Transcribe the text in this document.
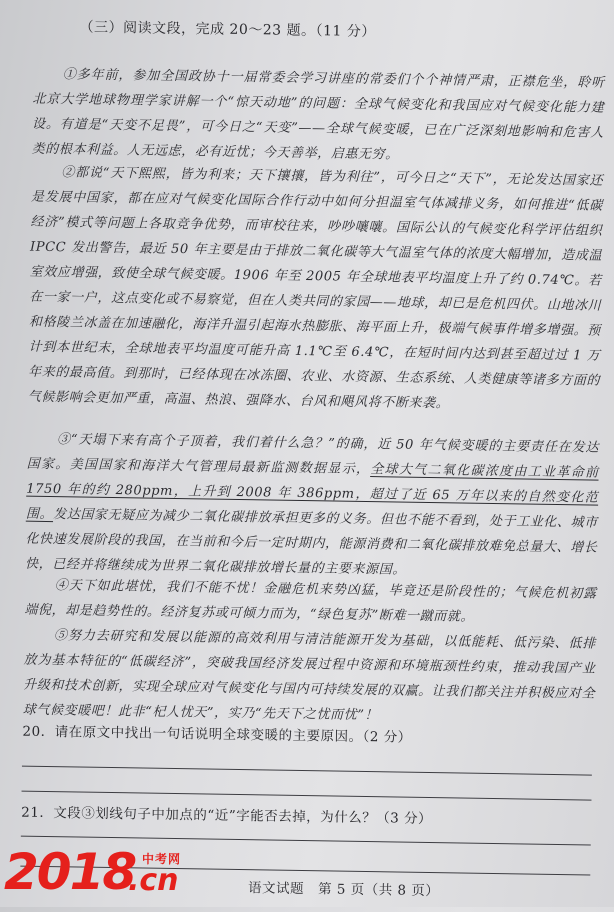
（三）阅读文段，完成 20～23 题。（11 分）
①多年前，参加全国政协十一届常委会学习讲座的常委们个个神情严肃，正襟危坐，聆听北京大学地球物理学家讲解一个“惊天动地”的问题：全球气候变化和我国应对气候变化能力建设。有道是“天变不足畏”，可今日之“天变”——全球气候变暖，已在广泛深刻地影响和危害人类的根本利益。人无远虑，必有近忧；今天善举，启惠无穷。
②都说“天下熙熙，皆为利来；天下攘攘，皆为利往”，可今日之“天下”，无论发达国家还是发展中国家，都在应对气候变化国际合作行动中如何分担温室气体减排义务，如何推进“低碳经济”模式等问题上各取竞争优势，而审校往来，吵吵嚷嚷。国际公认的气候变化科学评估组织 IPCC 发出警告，最近 50 年主要是由于排放二氧化碳等大气温室气体的浓度大幅增加，造成温室效应增强，致使全球气候变暖。1906 年至 2005 年全球地表平均温度上升了约 0.74℃。若在一家一户，这点变化或不易察觉，但在人类共同的家园——地球，却已是危机四伏。山地冰川和格陵兰冰盖在加速融化，海洋升温引起海水热膨胀、海平面上升，极端气候事件增多增强。预计到本世纪末，全球地表平均温度可能升高 1.1℃至 6.4℃，在短时间内达到甚至超过过 1 万年来的最高值。到那时，已经体现在冰冻圈、农业、水资源、生态系统、人类健康等诸多方面的气候影响会更加严重，高温、热浪、强降水、台风和飓风将不断来袭。
③“天塌下来有高个子顶着，我们着什么急？”的确，近 50 年气候变暖的主要责任在发达国家。美国国家和海洋大气管理局最新监测数据显示，全球大气二氧化碳浓度由工业革命前 1750 年的约 280ppm，上升到 2008 年 386ppm，超过了近 65 万年以来的自然变化范围。发达国家无疑应为减少二氧化碳排放承担更多的义务。但也不能不看到，处于工业化、城市化快速发展阶段的我国，在当前和今后一定时期内，能源消费和二氧化碳排放难免总量大、增长快，已经并将继续成为世界二氧化碳排放增长量的主要来源国。
④天下如此堪忧，我们不能不忧！金融危机来势凶猛，毕竟还是阶段性的；气候危机初露端倪，却是趋势性的。经济复苏或可倾力而为，“绿色复苏”断难一蹴而就。
⑤努力去研究和发展以能源的高效利用与清洁能源开发为基础，以低能耗、低污染、低排放为基本特征的“低碳经济”，突破我国经济发展过程中资源和环境瓶颈性约束，推动我国产业升级和技术创新，实现全球应对气候变化与国内可持续发展的双赢。让我们都关注并积极应对全球气候变暖吧！此非“杞人忧天”，实乃“先天下之忧而忧”！
20．请在原文中找出一句话说明全球变暖的主要原因。（2 分）
21．文段③划线句子中加点的“近”字能否去掉，为什么？（3 分）
语文试题　第 5 页（共 8 页）
2018 中考网
.cn
